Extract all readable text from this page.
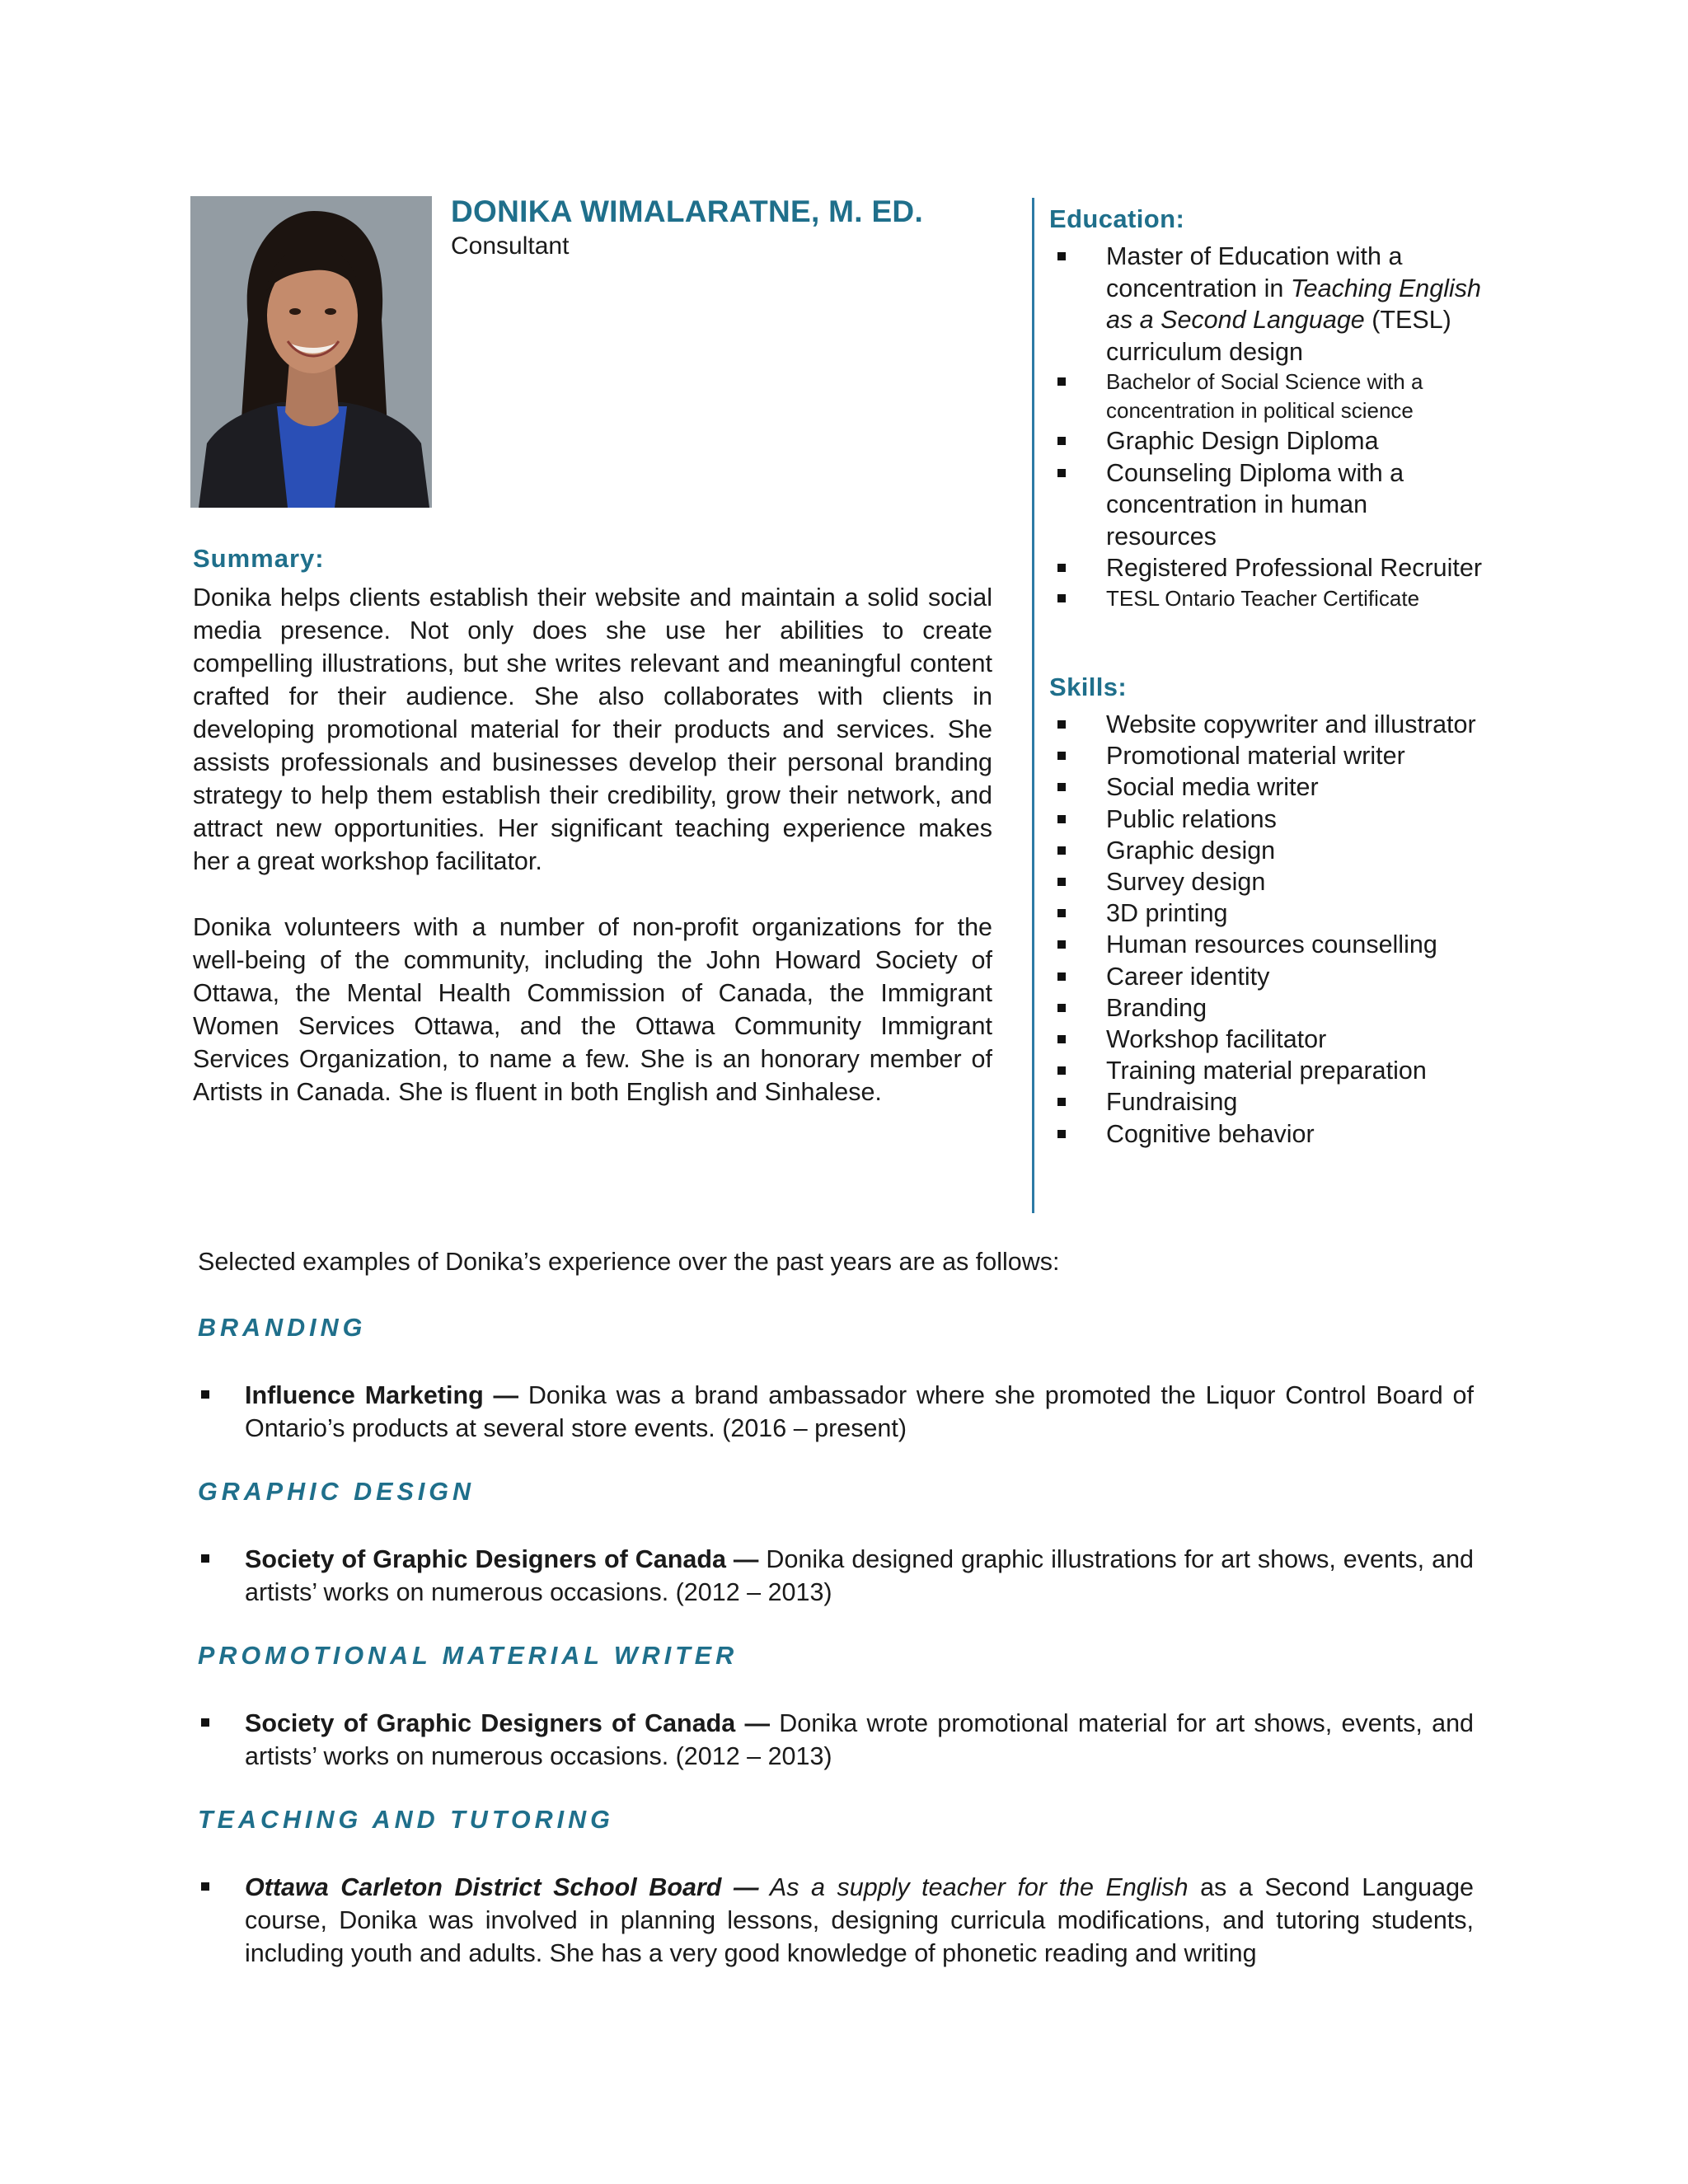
DONIKA WIMALARATNE, M. ED.
Consultant
Summary:

Donika helps clients establish their website and maintain a solid social media presence. Not only does she use her abilities to create compelling illustrations, but she writes relevant and meaningful content crafted for their audience. She also collaborates with clients in developing promotional material for their products and services. She assists professionals and businesses develop their personal branding strategy to help them establish their credibility, grow their network, and attract new opportunities. Her significant teaching experience makes her a great workshop facilitator.

Donika volunteers with a number of non-profit organizations for the well-being of the community, including the John Howard Society of Ottawa, the Mental Health Commission of Canada, the Immigrant Women Services Ottawa, and the Ottawa Community Immigrant Services Organization, to name a few. She is an honorary member of Artists in Canada. She is fluent in both English and Sinhalese.

Education:
Master of Education with a concentration in Teaching English as a Second Language (TESL) curriculum design
Bachelor of Social Science with a concentration in political science
Graphic Design Diploma
Counseling Diploma with a concentration in human resources
Registered Professional Recruiter
TESL Ontario Teacher Certificate
Skills:
Website copywriter and illustrator
Promotional material writer
Social media writer
Public relations
Graphic design
Survey design
3D printing
Human resources counselling
Career identity
Branding
Workshop facilitator
Training material preparation
Fundraising
Cognitive behavior
Selected examples of Donika’s experience over the past years are as follows:
BRANDING
Influence Marketing — Donika was a brand ambassador where she promoted the Liquor Control Board of Ontario’s products at several store events. (2016 – present)
GRAPHIC DESIGN
Society of Graphic Designers of Canada — Donika designed graphic illustrations for art shows, events, and artists’ works on numerous occasions. (2012 – 2013)
PROMOTIONAL MATERIAL WRITER
Society of Graphic Designers of Canada — Donika wrote promotional material for art shows, events, and artists’ works on numerous occasions. (2012 – 2013)
TEACHING AND TUTORING
Ottawa Carleton District School Board — As a supply teacher for the English as a Second Language course, Donika was involved in planning lessons, designing curricula modifications, and tutoring students, including youth and adults. She has a very good knowledge of phonetic reading and writing
